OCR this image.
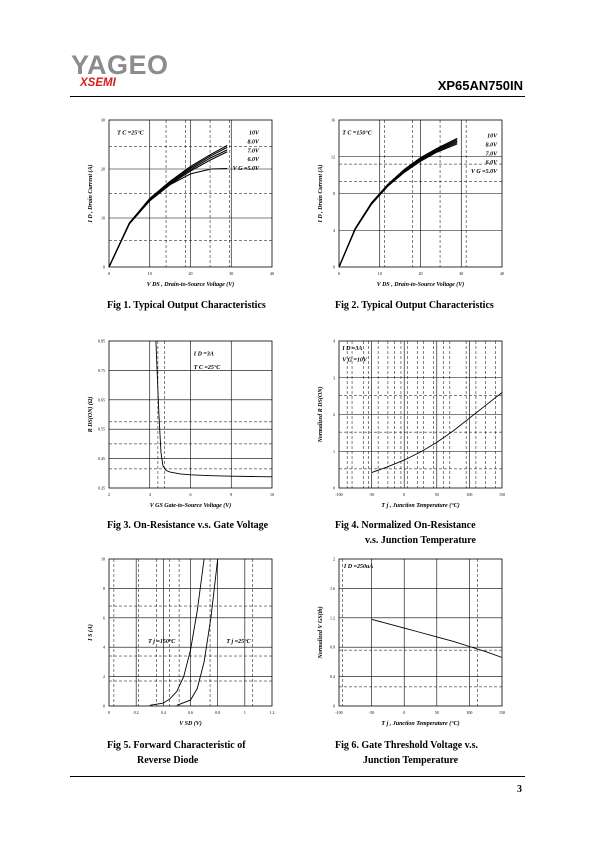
YAGEO
XSEMI	XP65AN750IN
0	10	20	30	40
0
10
20
30
V DS , Drain-to-Source Voltage (V)
I D , Drain Current (A)
T C =25°C	10V
8.0V
7.0V
6.0V
V G =5.0V
0	10	20	30	40
0
4
8
12
16
V DS , Drain-to-Source Voltage (V)
I D , Drain Current (A)
T C =150°C	10V
8.0V
7.0V
6.0V
V G =5.0V
2	4	6	8	10
0.35
0.45
0.55
0.65
0.75
0.85
V GS Gate-to-Source Voltage (V)
R DS(ON) (Ω)
I D =3A
T C =25°C
-100	-50	0	50	100	150
0
1
2
3
4
T j , Junction Temperature (°C)
Normalized R DS(ON)
I D =3A
V G =10V
0	0.2	0.4	0.6	0.8	1	1.2
0
2
4
6
8
10
V SD (V)
I S (A)
T j =150°C	T j =25°C
-100	-50	0	50	100	150
0
0.4
0.8
1.2
1.6
2
T j , Junction Temperature (°C)
Normalized V GS(th)
I D =250uA
Fig 1. Typical Output Characteristics	Fig 2. Typical Output Characteristics
Fig 3. On-Resistance v.s. Gate Voltage	Fig 4. Normalized On-Resistance
v.s. Junction Temperature
Fig 5. Forward Characteristic of
Reverse Diode
Fig 6. Gate Threshold Voltage v.s.
Junction Temperature
3
